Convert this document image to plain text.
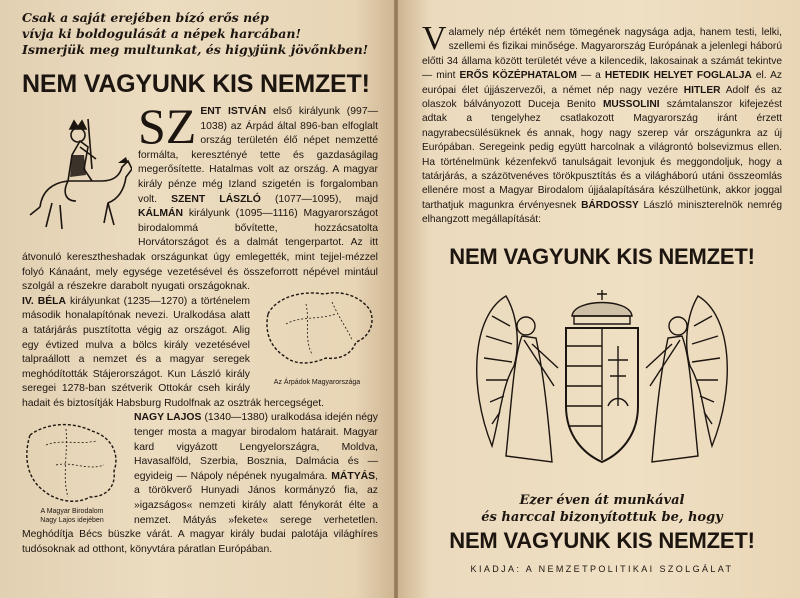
Csak a saját erejében bízó erős nép

vívja ki boldogulását a népek harcában!

Ismerjük meg multunkat, és higyjünk jövőnkben!

NEM VAGYUNK KIS NEMZET!
SZ ENT ISTVÁN első királyunk (997—1038) az Árpád által 896-ban elfoglalt ország területén élő népet nemzetté formálta, keresztényé tette és gazdaságilag megerősítette. Hatalmas volt az ország. A magyar király pénze még Izland szigetén is forgalomban volt. SZENT LÁSZLÓ (1077—1095), majd KÁLMÁN királyunk (1095—1116) Magyarországot birodalommá bővítette, hozzácsatolta Horvátországot és a dalmát tengerpartot. Az itt átvonuló keresztheshadak országunkat úgy emlegették, mint tejjel-mézzel folyó Kánaánt, mely egysége vezetésével és összeforrott népével mintául szolgál a részekre darabolt nyugati országoknak.
Az Árpádok Magyarországa
IV. BÉLA királyunkat (1235—1270) a történelem második honalapítónak nevezi. Uralkodása alatt a tatárjárás pusztította végig az országot. Alig egy évtized mulva a bölcs király vezetésével talpraállott a nemzet és a magyar seregek meghódították Stájerországot. Kun László király seregei 1278-ban szétverik Ottokár cseh király hadait és biztosítják Habsburg Rudolfnak az osztrák hercegséget.

A Magyar Birodalom
Nagy Lajos idejében
NAGY LAJOS (1340—1380) uralkodása idején négy tenger mosta a magyar birodalom határait. Magyar kard vigyázott Lengyelországra, Moldva, Havasalföld, Szerbia, Bosznia, Dalmácia és — egyideig — Nápoly népének nyugalmára. MÁTYÁS, a törökverő Hunyadi János kormányzó fia, az »igazságos« nemzeti király alatt fénykorát élte a nemzet. Mátyás »fekete« serege verhetetlen. Meghódítja Bécs büszke várát. A magyar király budai palotája világhíres tudósoknak ad otthont, könyvtára páratlan Európában.

V alamely nép értékét nem tömegének nagysága adja, hanem testi, lelki, szellemi és fizikai minősége. Magyarország Európának a jelenlegi háború előtti 34 állama között területét véve a kilencedik, lakosainak a számát tekintve — mint ERŐS KÖZÉPHATALOM — a HETEDIK HELYET FOGLALJA el. Az európai élet újjászervezői, a német nép nagy vezére HITLER Adolf és az olaszok bálványozott Duceja Benito MUSSOLINI számtalanszor kifejezést adtak a tengelyhez csatlakozott Magyarország iránt érzett nagyrabecsülésüknek és annak, hogy nagy szerep vár országunkra az új Európában. Seregeink pedig együtt harcolnak a világrontó bolsevizmus ellen. Ha történelmünk kézenfekvő tanulságait levonjuk és meggondoljuk, hogy a tatárjárás, a százötvenéves törökpusztítás és a világháború utáni összeomlás ellenére most a Magyar Birodalom újjáalapítására készülhetünk, akkor joggal tarthatjuk magunkra érvényesnek BÁRDOSSY László miniszterelnök nemrég elhangzott megállapítását:

NEM VAGYUNK KIS NEMZET!

Ezer éven át munkával

és harccal bizonyítottuk be, hogy

NEM VAGYUNK KIS NEMZET!
KIADJA: A NEMZETPOLITIKAI SZOLGÁLAT
